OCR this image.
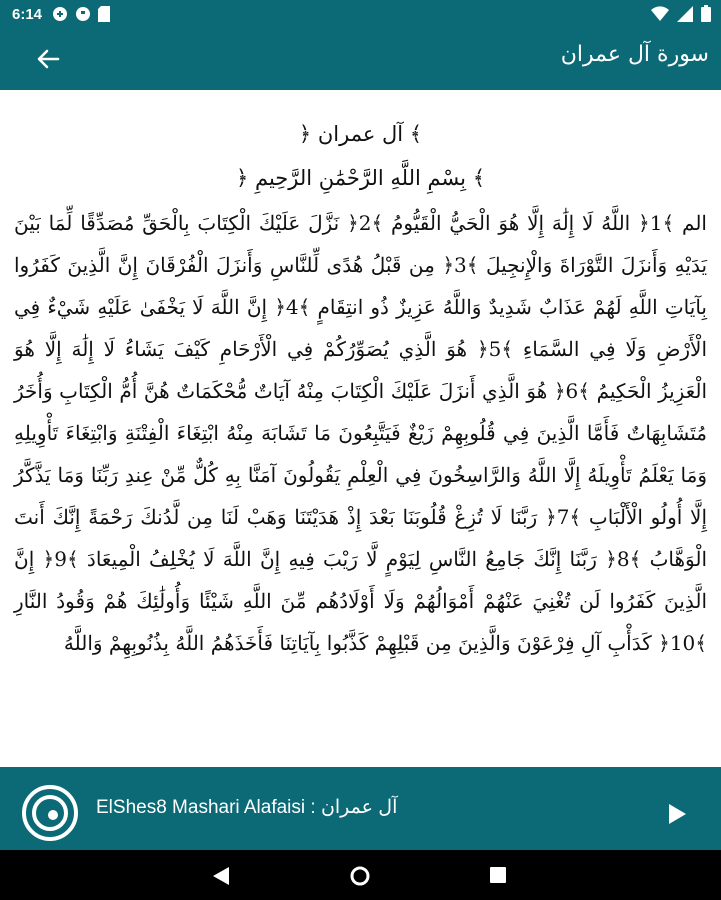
6:14
سورة آل عمران
﴾ آل عمران ﴿
﴾ بِسْمِ اللَّهِ الرَّحْمَٰنِ الرَّحِيمِ ﴿
الم ﴾1﴿ اللَّهُ لَا إِلَٰهَ إِلَّا هُوَ الْحَيُّ الْقَيُّومُ ﴾2﴿ نَزَّلَ عَلَيْكَ الْكِتَابَ بِالْحَقِّ مُصَدِّقًا لِّمَا بَيْنَ يَدَيْهِ وَأَنزَلَ التَّوْرَاةَ وَالْإِنجِيلَ ﴾3﴿ مِن قَبْلُ هُدًى لِّلنَّاسِ وَأَنزَلَ الْفُرْقَانَ إِنَّ الَّذِينَ كَفَرُوا بِآيَاتِ اللَّهِ لَهُمْ عَذَابٌ شَدِيدٌ وَاللَّهُ عَزِيزٌ ذُو انتِقَامٍ ﴾4﴿ إِنَّ اللَّهَ لَا يَخْفَىٰ عَلَيْهِ شَيْءٌ فِي الْأَرْضِ وَلَا فِي السَّمَاءِ ﴾5﴿ هُوَ الَّذِي يُصَوِّرُكُمْ فِي الْأَرْحَامِ كَيْفَ يَشَاءُ لَا إِلَٰهَ إِلَّا هُوَ الْعَزِيزُ الْحَكِيمُ ﴾6﴿ هُوَ الَّذِي أَنزَلَ عَلَيْكَ الْكِتَابَ مِنْهُ آيَاتٌ مُّحْكَمَاتٌ هُنَّ أُمُّ الْكِتَابِ وَأُخَرُ مُتَشَابِهَاتٌ فَأَمَّا الَّذِينَ فِي قُلُوبِهِمْ زَيْغٌ فَيَتَّبِعُونَ مَا تَشَابَهَ مِنْهُ ابْتِغَاءَ الْفِتْنَةِ وَابْتِغَاءَ تَأْوِيلِهِ وَمَا يَعْلَمُ تَأْوِيلَهُ إِلَّا اللَّهُ وَالرَّاسِخُونَ فِي الْعِلْمِ يَقُولُونَ آمَنَّا بِهِ كُلٌّ مِّنْ عِندِ رَبِّنَا وَمَا يَذَّكَّرُ إِلَّا أُولُو الْأَلْبَابِ ﴾7﴿ رَبَّنَا لَا تُزِغْ قُلُوبَنَا بَعْدَ إِذْ هَدَيْتَنَا وَهَبْ لَنَا مِن لَّدُنكَ رَحْمَةً إِنَّكَ أَنتَ الْوَهَّابُ ﴾8﴿ رَبَّنَا إِنَّكَ جَامِعُ النَّاسِ لِيَوْمٍ لَّا رَيْبَ فِيهِ إِنَّ اللَّهَ لَا يُخْلِفُ الْمِيعَادَ ﴾9﴿ إِنَّ الَّذِينَ كَفَرُوا لَن تُغْنِيَ عَنْهُمْ أَمْوَالُهُمْ وَلَا أَوْلَادُهُم مِّنَ اللَّهِ شَيْئًا وَأُولَٰئِكَ هُمْ وَقُودُ النَّارِ ﴾10﴿ كَدَأْبِ آلِ فِرْعَوْنَ وَالَّذِينَ مِن قَبْلِهِمْ كَذَّبُوا بِآيَاتِنَا فَأَخَذَهُمُ اللَّهُ بِذُنُوبِهِمْ وَاللَّهُ
ElShes8 Mashari Alafaisi : آل عمران
